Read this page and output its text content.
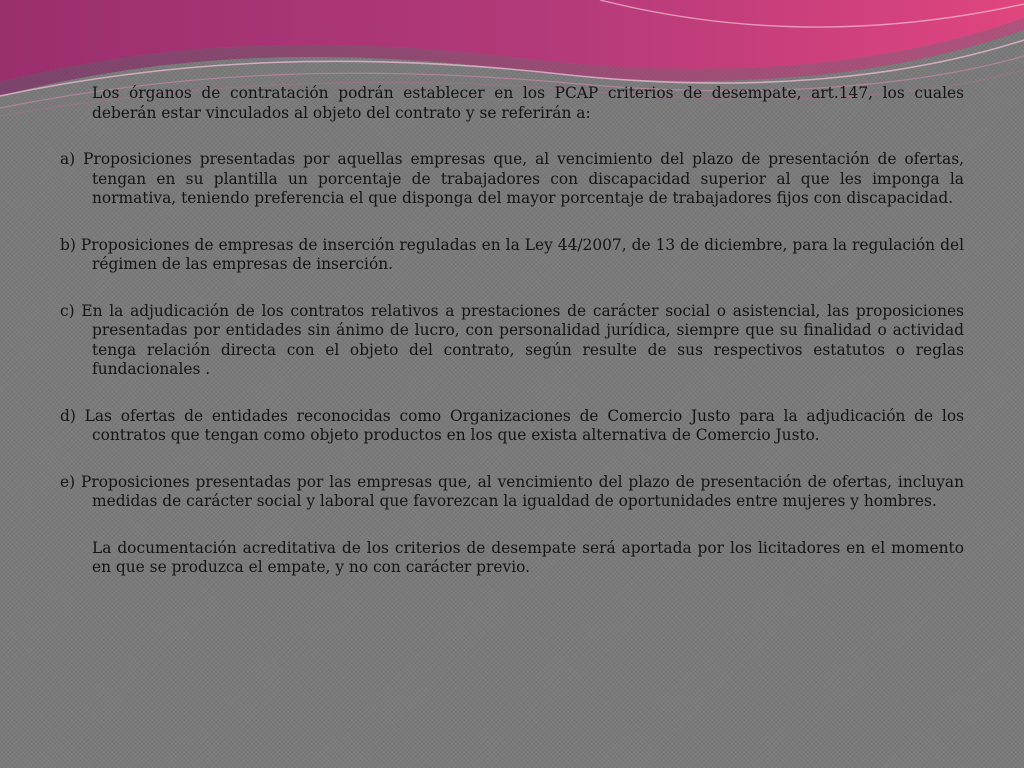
Los órganos de contratación podrán establecer en los PCAP criterios de desempate, art.147, los cuales deberán estar vinculados al objeto del contrato y se referirán a:

a) Proposiciones presentadas por aquellas empresas que, al vencimiento del plazo de presentación de ofertas, tengan en su plantilla un porcentaje de trabajadores con discapacidad superior al que les imponga la normativa, teniendo preferencia el que disponga del mayor porcentaje de trabajadores fijos con discapacidad.

b) Proposiciones de empresas de inserción reguladas en la Ley 44/2007, de 13 de diciembre, para la regulación del régimen de las empresas de inserción.

c) En la adjudicación de los contratos relativos a prestaciones de carácter social o asistencial, las proposiciones presentadas por entidades sin ánimo de lucro, con personalidad jurídica, siempre que su finalidad o actividad tenga relación directa con el objeto del contrato, según resulte de sus respectivos estatutos o reglas fundacionales .

d) Las ofertas de entidades reconocidas como Organizaciones de Comercio Justo para la adjudicación de los contratos que tengan como objeto productos en los que exista alternativa de Comercio Justo.

e) Proposiciones presentadas por las empresas que, al vencimiento del plazo de presentación de ofertas, incluyan medidas de carácter social y laboral que favorezcan la igualdad de oportunidades entre mujeres y hombres.

La documentación acreditativa de los criterios de desempate será aportada por los licitadores en el momento en que se produzca el empate, y no con carácter previo.
